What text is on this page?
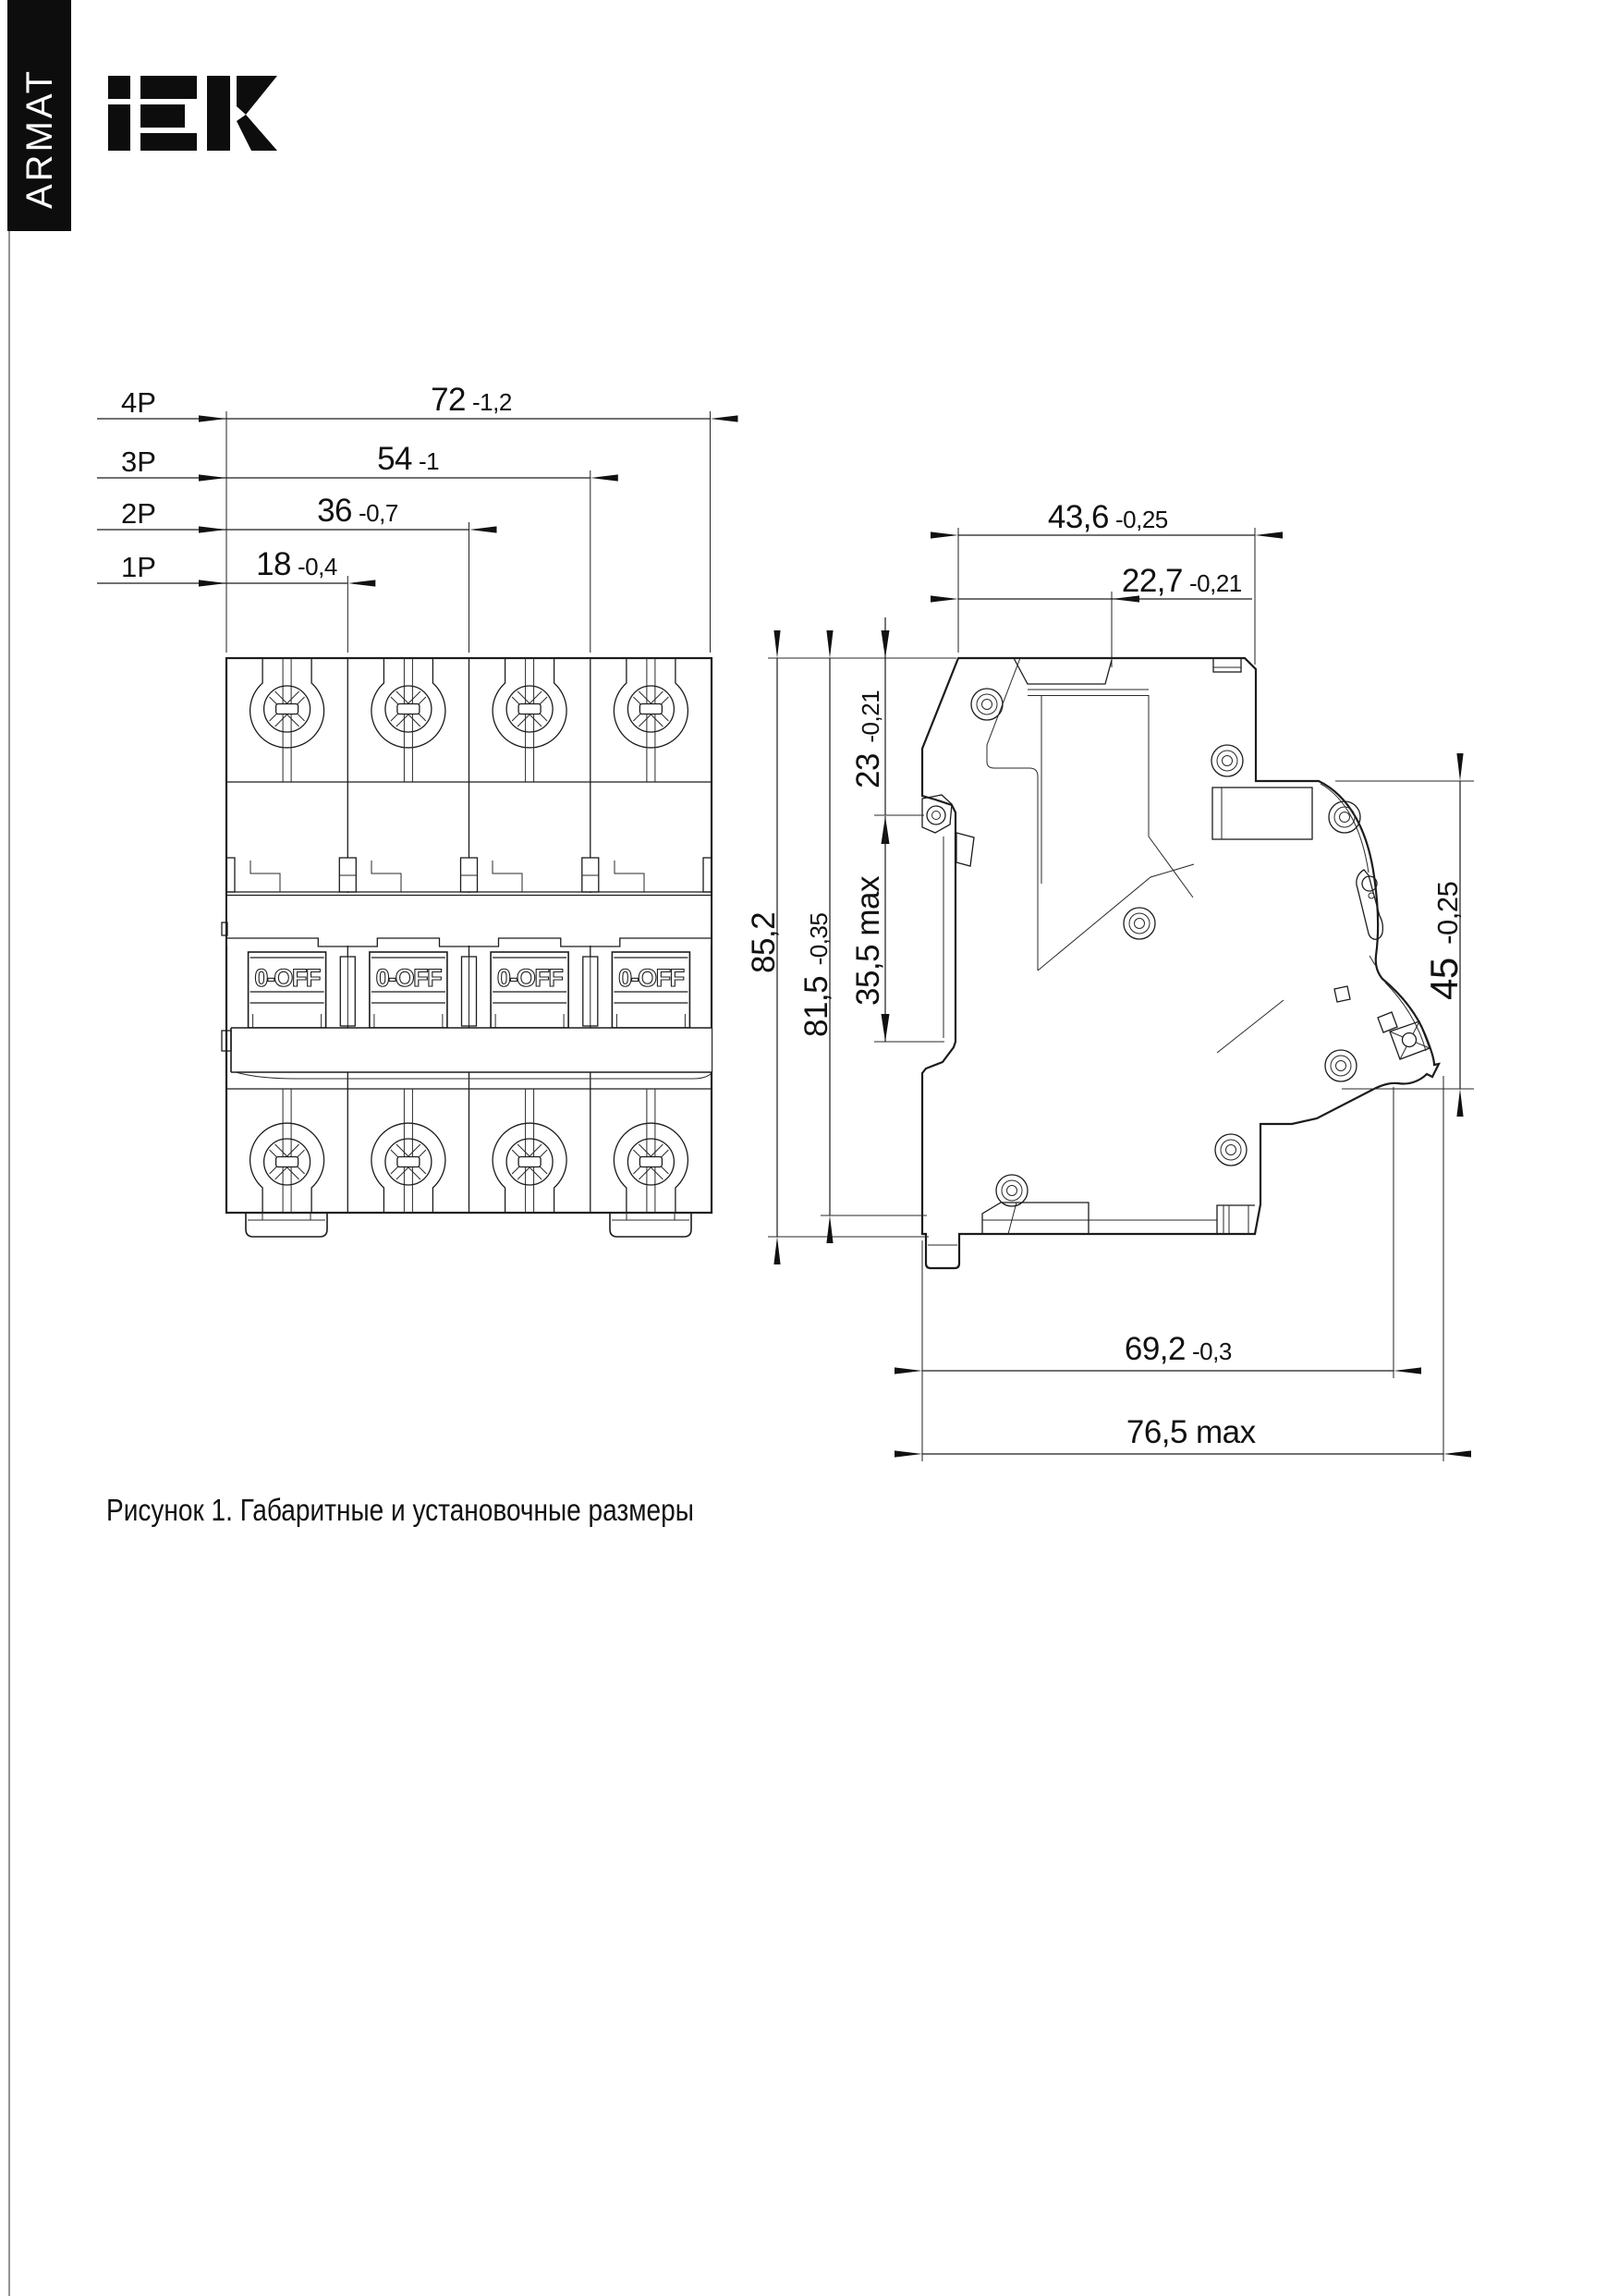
ARMAT
4P
3P
2P
1P
72 -1,2
54 -1
36 -0,7
18 -0,4
0-OFF 0-OFF 0-OFF 0-OFF
43,6 -0,25
22,7 -0,21
85,2
81,5 -0,35
23 -0,21
35,5 max	45 -0,25
69,2 -0,3
76,5 max
Рисунок 1. Габаритные и установочные размеры
